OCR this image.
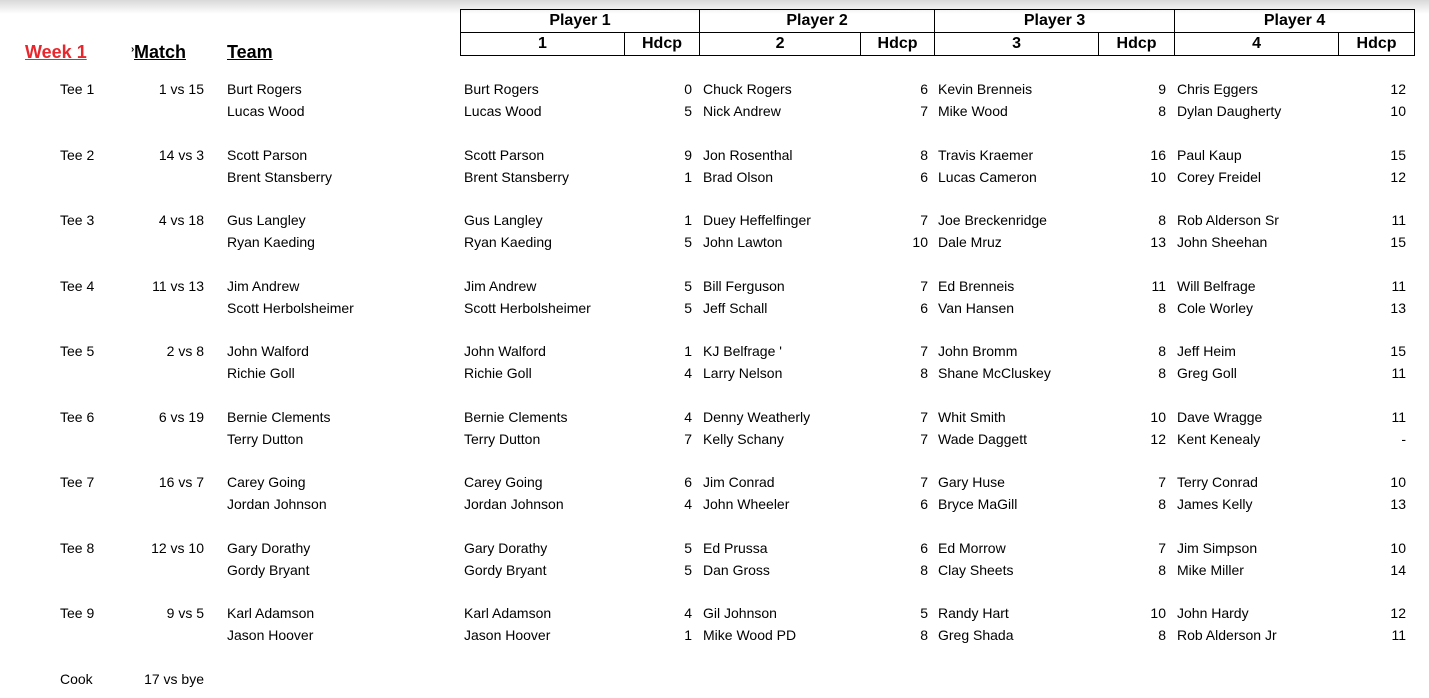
Week 1	› Match Team
Player 1		Player 2		Player 3		Player 4	
1	Hdcp	2	Hdcp	3	Hdcp	4	Hdcp
Tee 1	1 vs 15 Burt Rogers	Burt Rogers	0 Chuck Rogers	6 Kevin Brenneis	9 Chris Eggers	12
Lucas Wood	Lucas Wood	5 Nick Andrew	7 Mike Wood	8 Dylan Daugherty	10
Tee 2	14 vs 3 Scott Parson	Scott Parson	9 Jon Rosenthal	8 Travis Kraemer	16 Paul Kaup	15
Brent Stansberry	Brent Stansberry	1 Brad Olson	6 Lucas Cameron	10 Corey Freidel	12
Tee 3	4 vs 18 Gus Langley	Gus Langley	1 Duey Heffelfinger	7 Joe Breckenridge	8 Rob Alderson Sr	11
Ryan Kaeding	Ryan Kaeding	5 John Lawton	10 Dale Mruz	13 John Sheehan	15
Tee 4	11 vs 13 Jim Andrew	Jim Andrew	5 Bill Ferguson	7 Ed Brenneis	11 Will Belfrage	11
Scott Herbolsheimer	Scott Herbolsheimer	5 Jeff Schall	6 Van Hansen	8 Cole Worley	13
Tee 5	2 vs 8 John Walford	John Walford	1 KJ Belfrage '	7 John Bromm	8 Jeff Heim	15
Richie Goll	Richie Goll	4 Larry Nelson	8 Shane McCluskey	8 Greg Goll	11
Tee 6	6 vs 19 Bernie Clements	Bernie Clements	4 Denny Weatherly	7 Whit Smith	10 Dave Wragge	11
Terry Dutton	Terry Dutton	7 Kelly Schany	7 Wade Daggett	12 Kent Kenealy	-
Tee 7	16 vs 7 Carey Going	Carey Going	6 Jim Conrad	7 Gary Huse	7 Terry Conrad	10
Jordan Johnson	Jordan Johnson	4 John Wheeler	6 Bryce MaGill	8 James Kelly	13
Tee 8	12 vs 10 Gary Dorathy	Gary Dorathy	5 Ed Prussa	6 Ed Morrow	7 Jim Simpson	10
Gordy Bryant	Gordy Bryant	5 Dan Gross	8 Clay Sheets	8 Mike Miller	14
Tee 9	9 vs 5 Karl Adamson	Karl Adamson	4 Gil Johnson	5 Randy Hart	10 John Hardy	12
Jason Hoover	Jason Hoover	1 Mike Wood PD	8 Greg Shada	8 Rob Alderson Jr	11
Cook	17 vs bye
